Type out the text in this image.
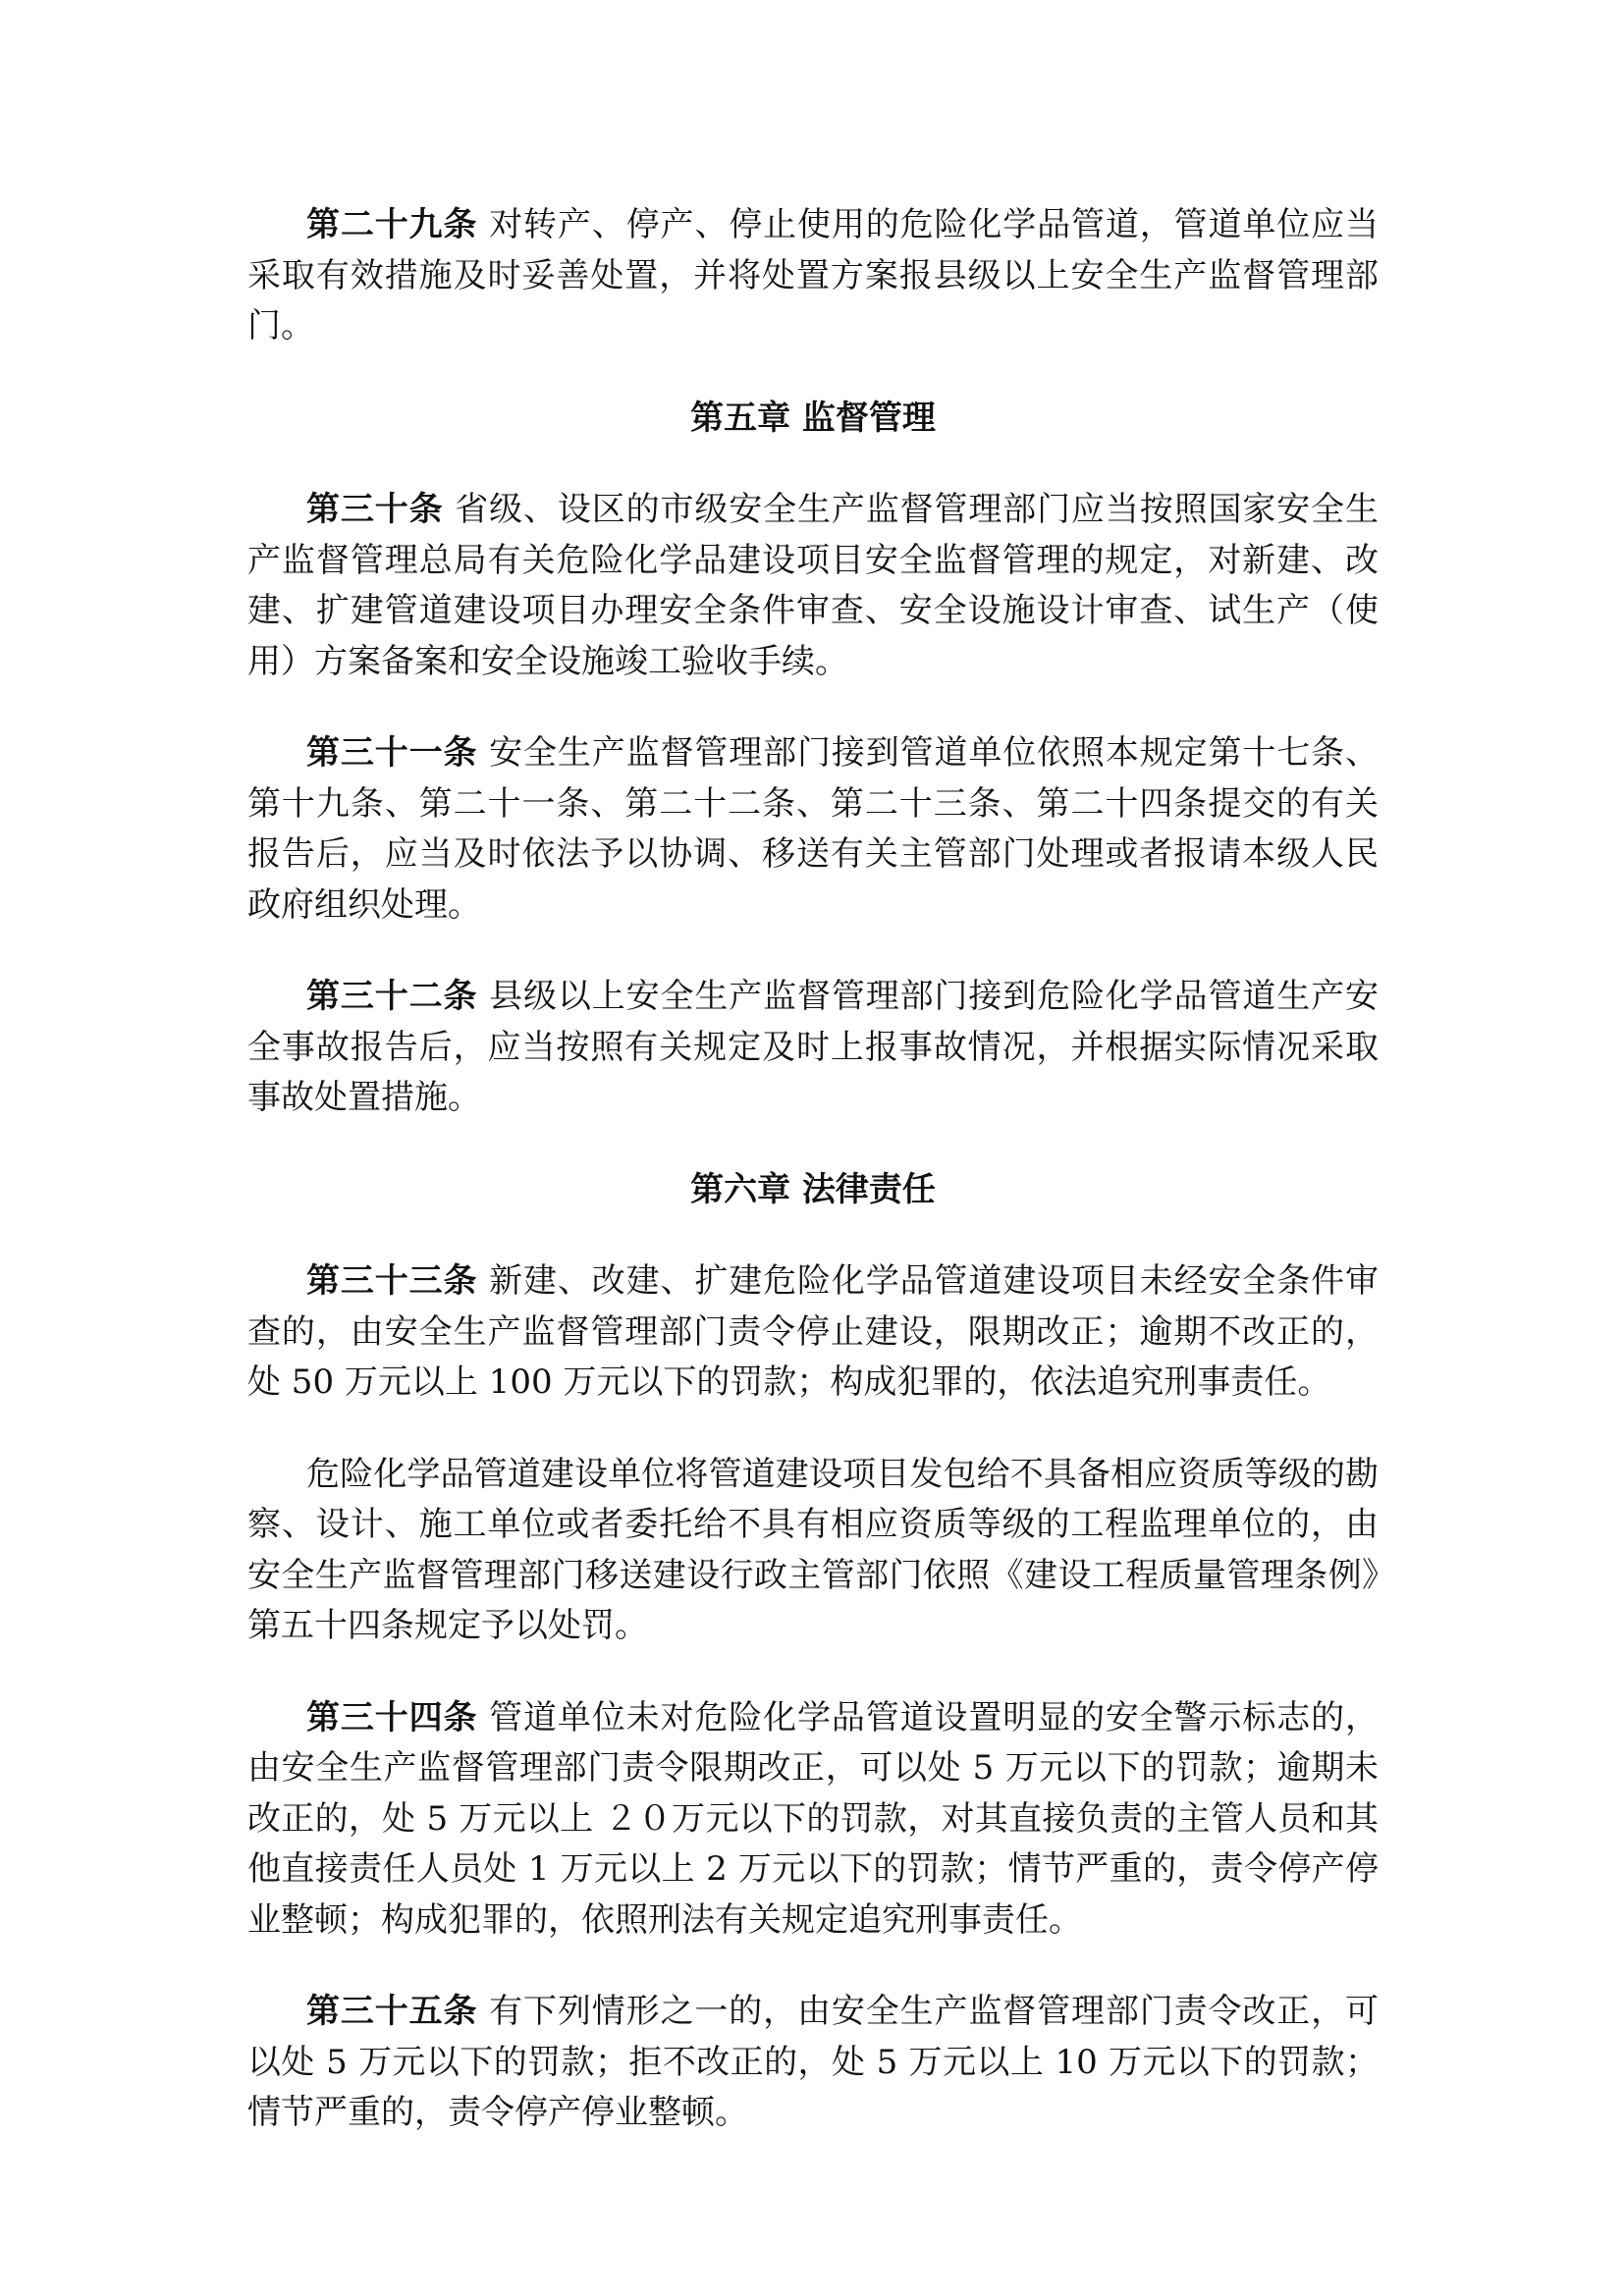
第二十九条 对转产、停产、停止使用的危险化学品管道，管道单位应当采取有效措施及时妥善处置，并将处置方案报县级以上安全生产监督管理部门。

第五章 监督管理

第三十条 省级、设区的市级安全生产监督管理部门应当按照国家安全生产监督管理总局有关危险化学品建设项目安全监督管理的规定，对新建、改建、扩建管道建设项目办理安全条件审查、安全设施设计审查、试生产（使用）方案备案和安全设施竣工验收手续。

第三十一条 安全生产监督管理部门接到管道单位依照本规定第十七条、第十九条、第二十一条、第二十二条、第二十三条、第二十四条提交的有关报告后，应当及时依法予以协调、移送有关主管部门处理或者报请本级人民政府组织处理。

第三十二条 县级以上安全生产监督管理部门接到危险化学品管道生产安全事故报告后，应当按照有关规定及时上报事故情况，并根据实际情况采取事故处置措施。

第六章 法律责任

第三十三条 新建、改建、扩建危险化学品管道建设项目未经安全条件审查的，由安全生产监督管理部门责令停止建设，限期改正；逾期不改正的，处 50 万元以上 100 万元以下的罚款；构成犯罪的，依法追究刑事责任。

危险化学品管道建设单位将管道建设项目发包给不具备相应资质等级的勘察、设计、施工单位或者委托给不具有相应资质等级的工程监理单位的，由安全生产监督管理部门移送建设行政主管部门依照《建设工程质量管理条例》第五十四条规定予以处罚。

第三十四条 管道单位未对危险化学品管道设置明显的安全警示标志的，由安全生产监督管理部门责令限期改正，可以处 5 万元以下的罚款；逾期未改正的，处 5 万元以上 ２０万元以下的罚款，对其直接负责的主管人员和其他直接责任人员处 1 万元以上 2 万元以下的罚款；情节严重的，责令停产停业整顿；构成犯罪的，依照刑法有关规定追究刑事责任。

第三十五条 有下列情形之一的，由安全生产监督管理部门责令改正，可以处 5 万元以下的罚款；拒不改正的，处 5 万元以上 10 万元以下的罚款；情节严重的，责令停产停业整顿。
